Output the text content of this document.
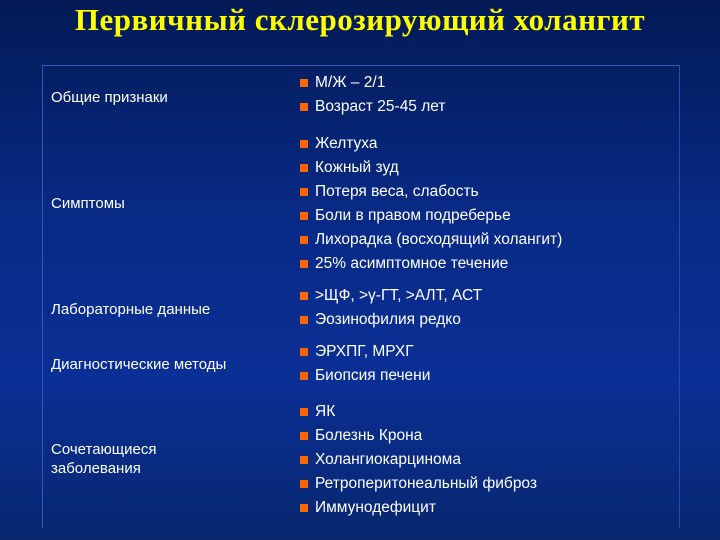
Первичный склерозирующий холангит
Общие признаки
М/Ж – 2/1
Возраст 25-45 лет
Симптомы
Желтуха
Кожный зуд
Потеря веса, слабость
Боли в правом подреберье
Лихорадка (восходящий холангит)
25% асимптомное течение
Лабораторные данные
>ЩФ, >γ-ГТ, >АЛТ, АСТ
Эозинофилия редко
Диагностические методы
ЭРХПГ, МРХГ
Биопсия печени
Сочетающиеся
заболевания
ЯК
Болезнь Крона
Холангиокарцинома
Ретроперитонеальный фиброз
Иммунодефицит
